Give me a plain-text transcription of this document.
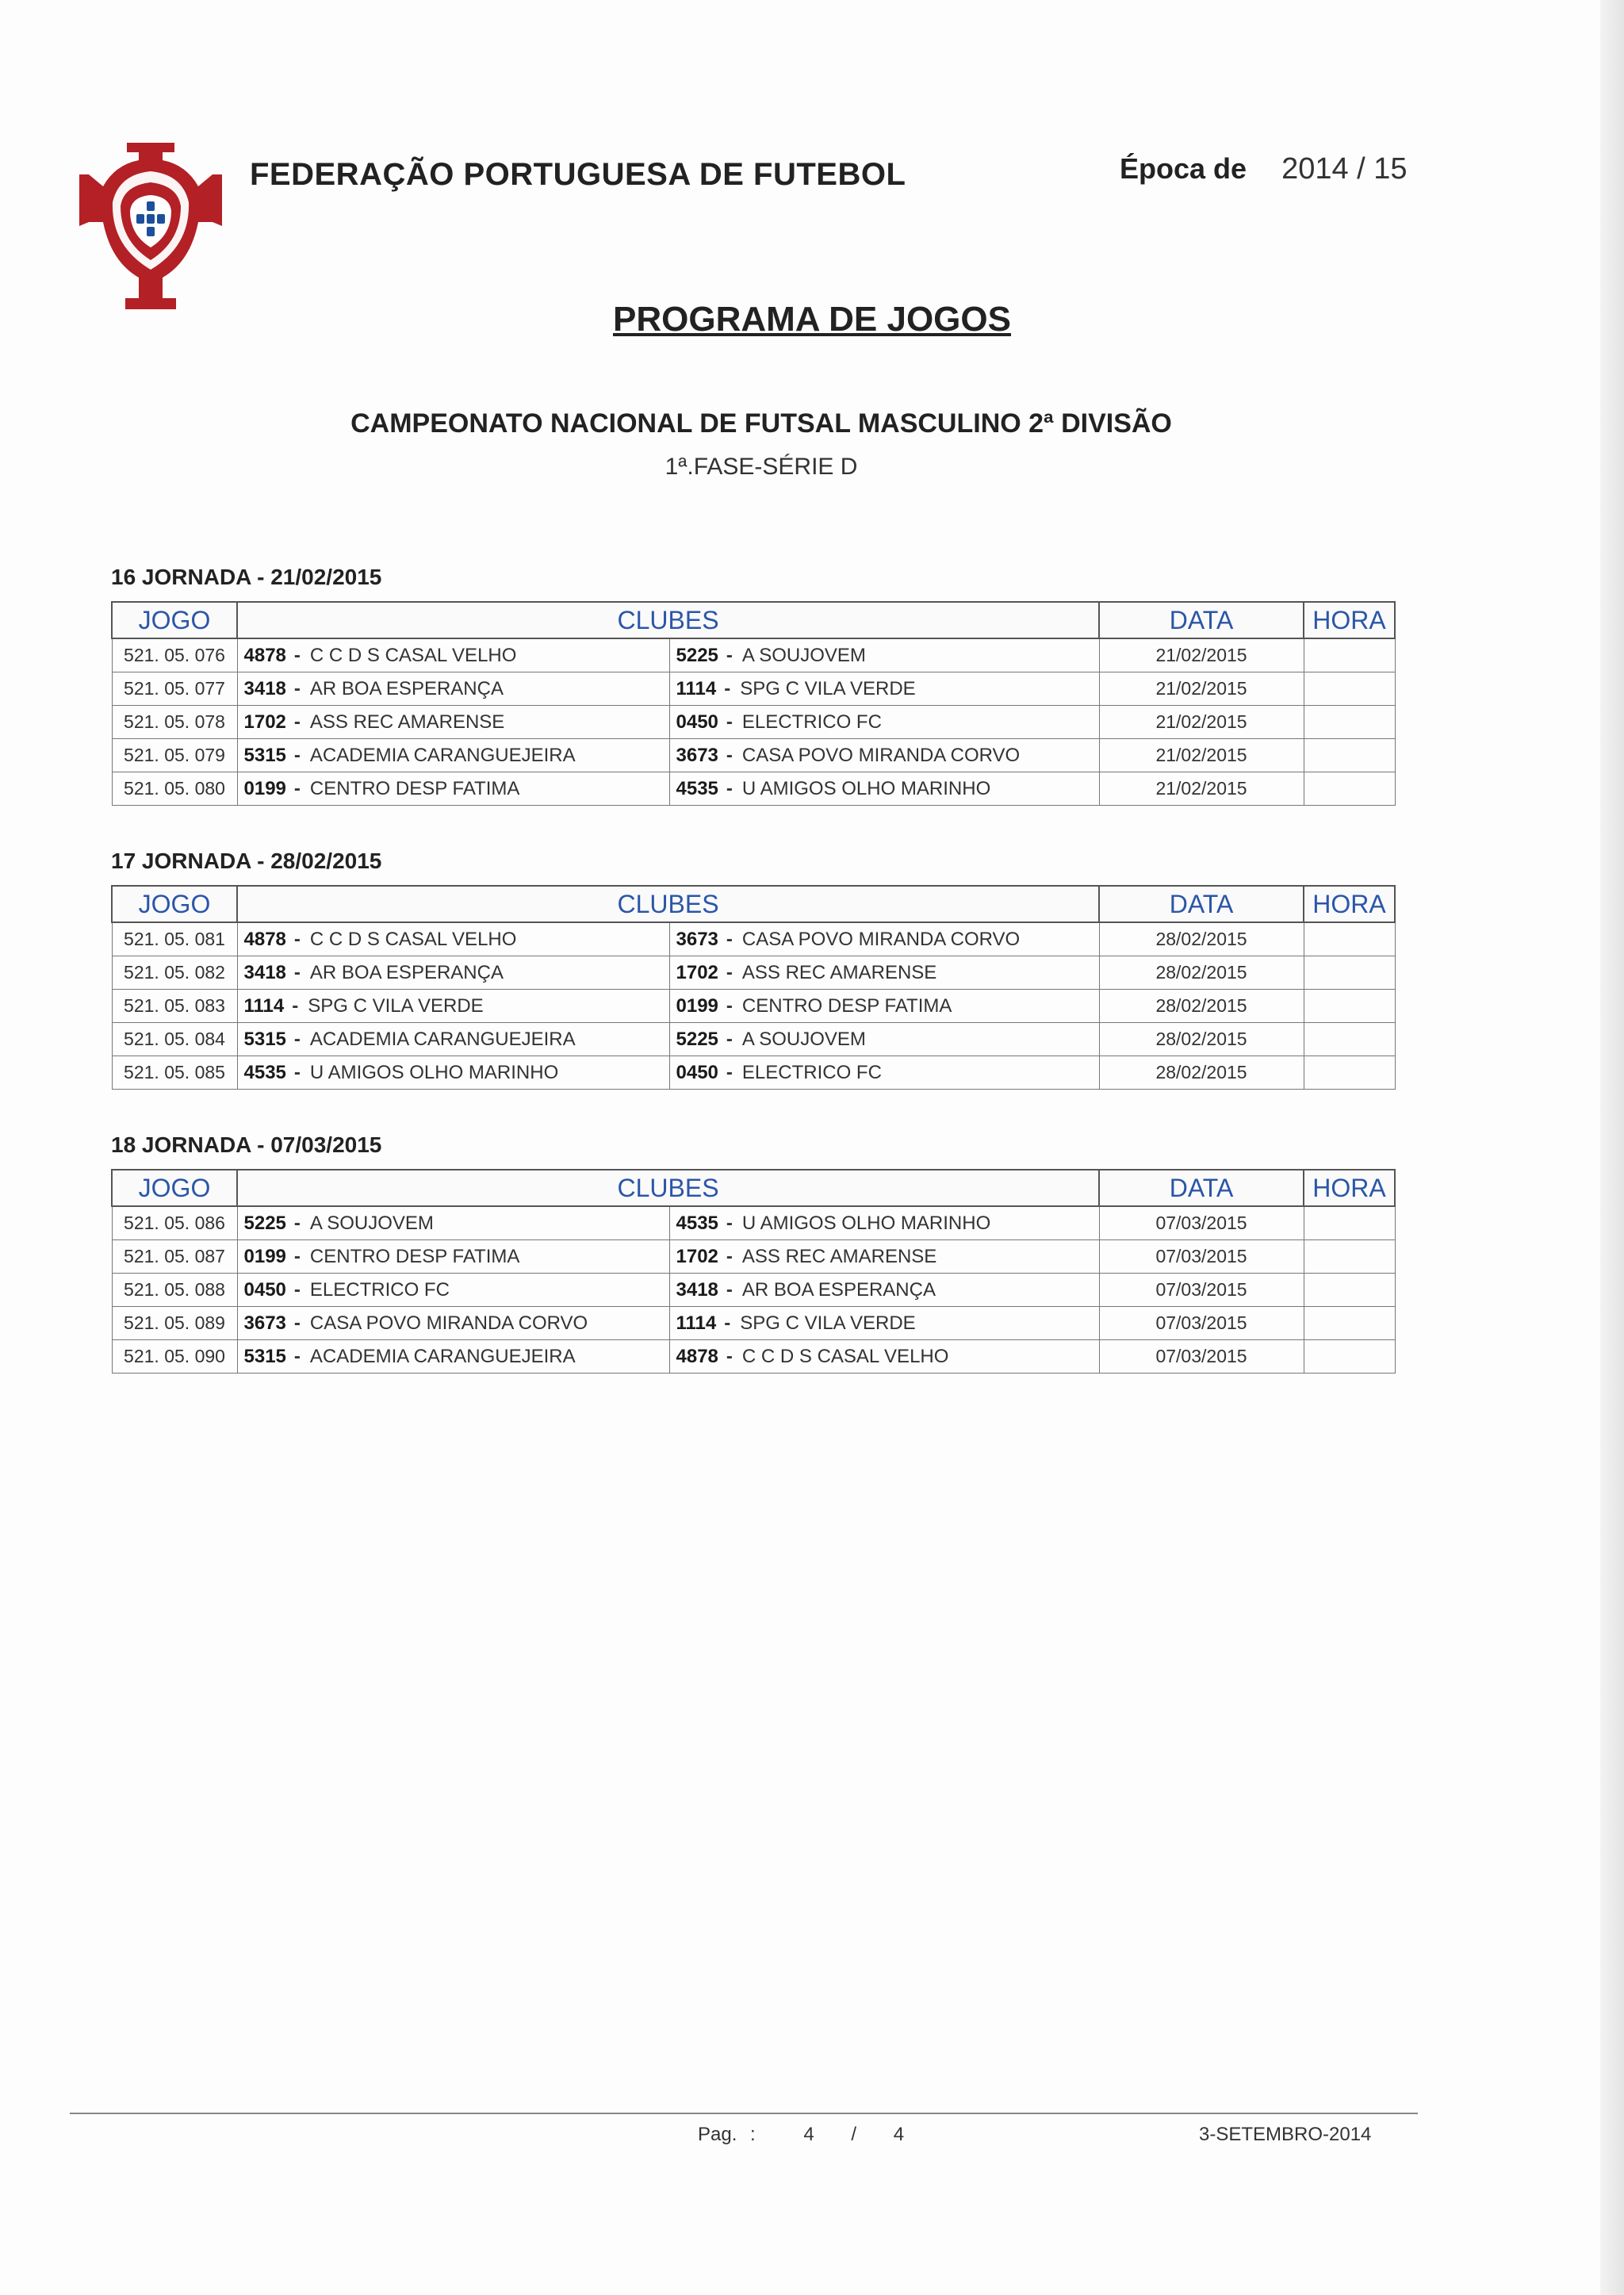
FEDERAÇÃO PORTUGUESA DE FUTEBOL	Época de 2014 / 15
PROGRAMA DE JOGOS
CAMPEONATO NACIONAL DE FUTSAL MASCULINO 2ª DIVISÃO
1ª.FASE-SÉRIE D
16 JORNADA - 21/02/2015
JOGO	CLUBES		DATA	HORA
521. 05. 076	4878 - C C D S CASAL VELHO	5225 - A SOUJOVEM	21/02/2015	
521. 05. 077	3418 - AR BOA ESPERANÇA	1114 - SPG C VILA VERDE	21/02/2015	
521. 05. 078	1702 - ASS REC AMARENSE	0450 - ELECTRICO FC	21/02/2015	
521. 05. 079	5315 - ACADEMIA CARANGUEJEIRA	3673 - CASA POVO MIRANDA CORVO	21/02/2015	
521. 05. 080	0199 - CENTRO DESP FATIMA	4535 - U AMIGOS OLHO MARINHO	21/02/2015	
17 JORNADA - 28/02/2015
JOGO	CLUBES		DATA	HORA
521. 05. 081	4878 - C C D S CASAL VELHO	3673 - CASA POVO MIRANDA CORVO	28/02/2015	
521. 05. 082	3418 - AR BOA ESPERANÇA	1702 - ASS REC AMARENSE	28/02/2015	
521. 05. 083	1114 - SPG C VILA VERDE	0199 - CENTRO DESP FATIMA	28/02/2015	
521. 05. 084	5315 - ACADEMIA CARANGUEJEIRA	5225 - A SOUJOVEM	28/02/2015	
521. 05. 085	4535 - U AMIGOS OLHO MARINHO	0450 - ELECTRICO FC	28/02/2015	
18 JORNADA - 07/03/2015
JOGO	CLUBES		DATA	HORA
521. 05. 086	5225 - A SOUJOVEM	4535 - U AMIGOS OLHO MARINHO	07/03/2015	
521. 05. 087	0199 - CENTRO DESP FATIMA	1702 - ASS REC AMARENSE	07/03/2015	
521. 05. 088	0450 - ELECTRICO FC	3418 - AR BOA ESPERANÇA	07/03/2015	
521. 05. 089	3673 - CASA POVO MIRANDA CORVO	1114 - SPG C VILA VERDE	07/03/2015	
521. 05. 090	5315 - ACADEMIA CARANGUEJEIRA	4878 - C C D S CASAL VELHO	07/03/2015	
Pag. :	4 / 4	3-SETEMBRO-2014
